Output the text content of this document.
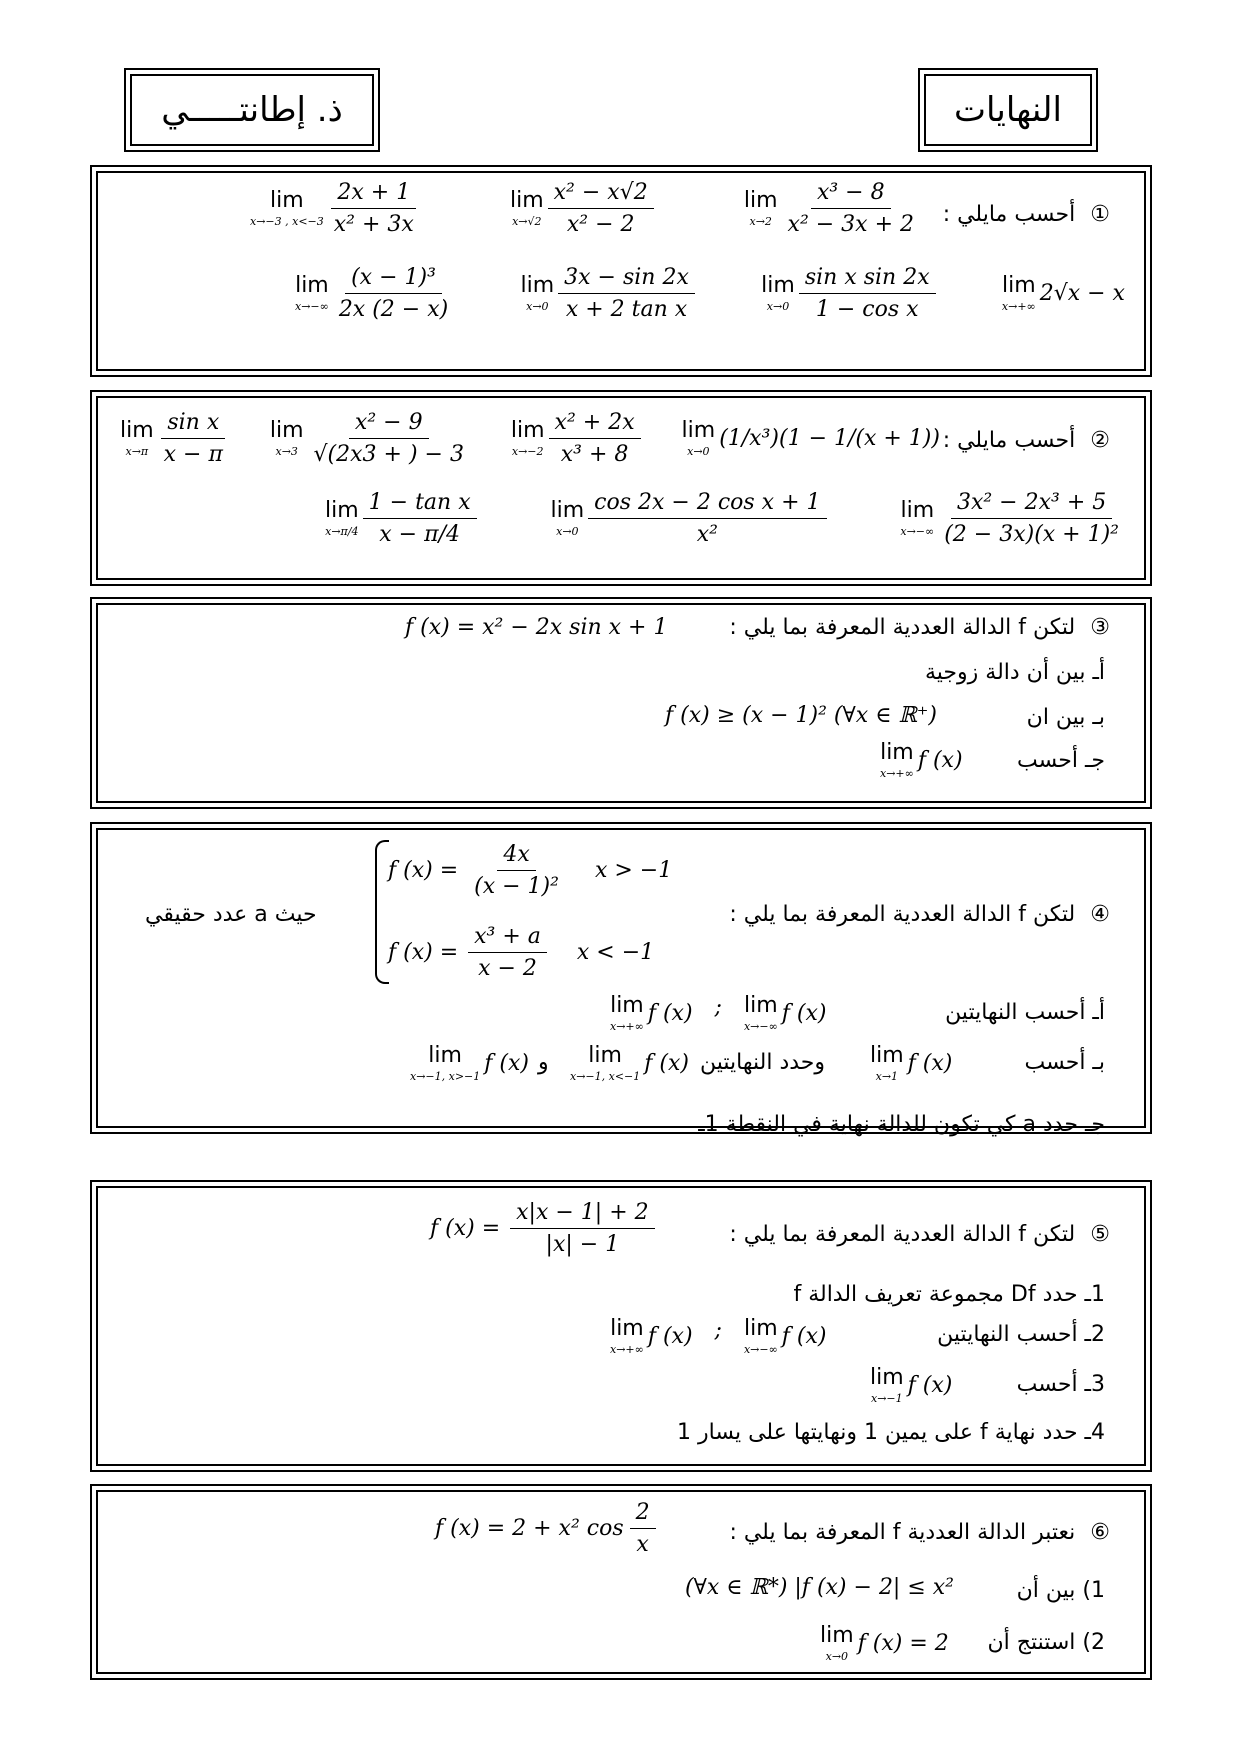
ذ. إطانتـــــي	النهايات
① أحسب مايلي :
lim
x→−3 , x<−3
2x + 1
x² + 3x
lim
x→√2
x² − x√2
x² − 2
lim
x→2
x³ − 8
x² − 3x + 2
lim
x→−∞
(x − 1)³
2x (2 − x)
lim
x→0
3x − sin 2x
x + 2 tan x
lim
x→0
sin x sin 2x
1 − cos x
lim
x→+∞
2√x − x
② أحسب مايلي :
lim
x→π
sin x
x − π
lim
x→3
x² − 9
√(2x3 + ) − 3
lim
x→−2
x² + 2x
x³ + 8
lim
x→0
(1/x³)(1 − 1/(x + 1))
lim
x→π/4
1 − tan x
x − π/4
lim
x→0
cos 2x − 2 cos x + 1
x²
lim
x→−∞
3x² − 2x³ + 5
(2 − 3x)(x + 1)²
③ لتكن f الدالة العددية المعرفة بما يلي :
f (x) = x² − 2x sin x + 1
أـ بين أن دالة زوجية
بـ بين ان
f (x) ≥ (x − 1)² (∀x ∈ ℝ⁺)
جـ أحسب
lim
x→+∞
f (x)
④ لتكن f الدالة العددية المعرفة بما يلي :
حيث a عدد حقيقي
f $(x) = \frac{4x}{\text{(x − 1)²}}$ x > −1
f $(x) = \frac{\text{x³ + a}}{x - 2}$ x < −1
أـ أحسب النهايتين
lim
x→+∞
f (x) ; lim
x→−∞
f (x)
بـ أحسب
lim
x→1
f (x)
وحدد النهايتين
lim
x→−1, x<−1
f (x)
و
lim
x→−1, x>−1
f (x)
جـ حدد a كي تكون للدالة نهاية في النقطة 1ـ
⑤ لتكن f الدالة العددية المعرفة بما يلي :
f $(x) = \frac{x|x - 1| + 2}{|x| - 1}$
1ـ حدد Df مجموعة تعريف الدالة f
2ـ أحسب النهايتين
lim
x→+∞
f (x) ; lim
x→−∞
f (x)
3ـ أحسب
lim
x→−1
f (x)
4ـ حدد نهاية f على يمين 1 ونهايتها على يسار 1
⑥ نعتبر الدالة العددية f المعرفة بما يلي :
f (x) = 2 + x² cos
2
x
1) بين أن
(∀x ∈ ℝ*) |f (x) − 2| ≤ x²
2) استنتج أن
lim
x→0
f (x) = 2
